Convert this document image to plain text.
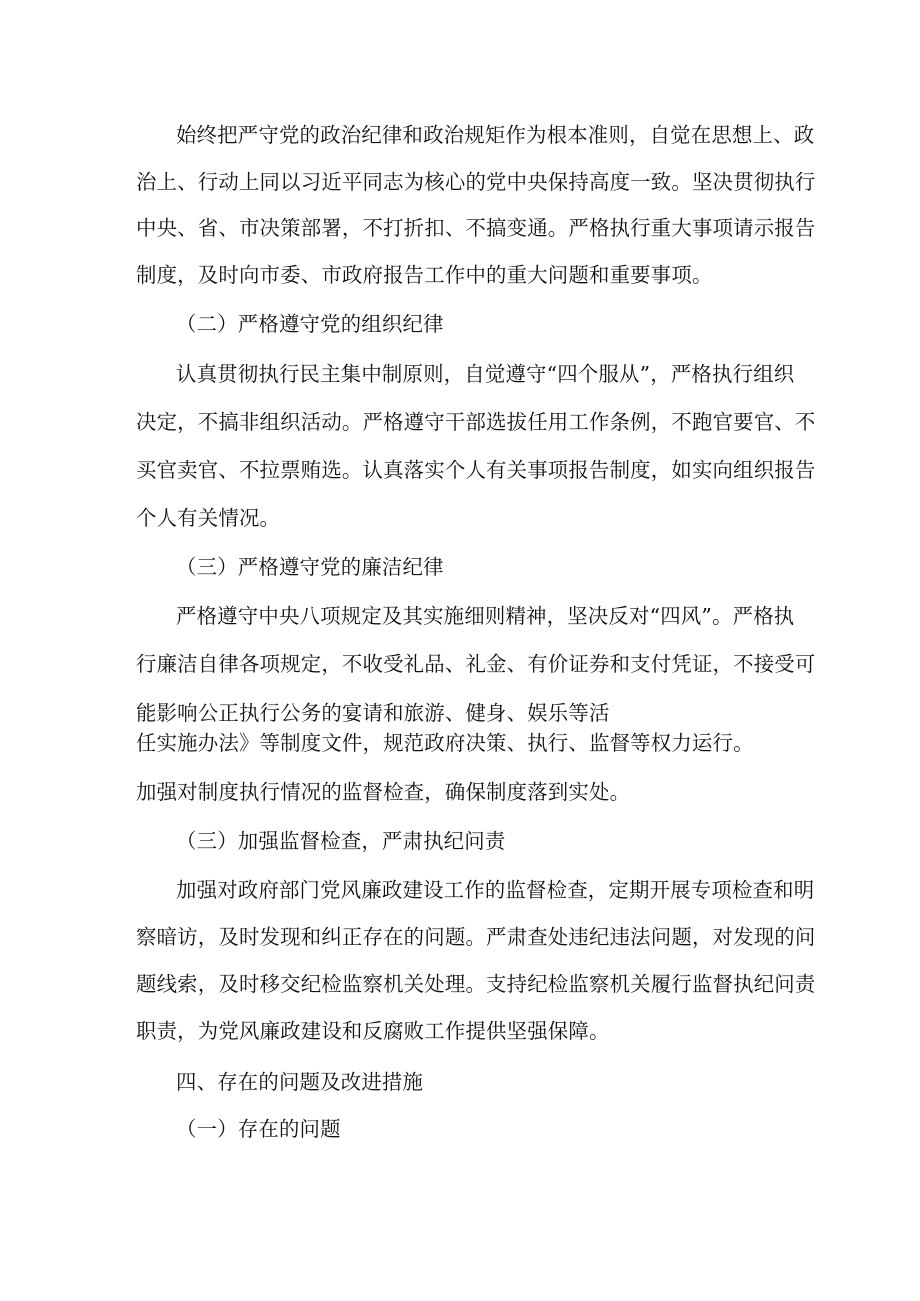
始终把严守党的政治纪律和政治规矩作为根本准则，自觉在思想上、政
治上、行动上同以习近平同志为核心的党中央保持高度一致。坚决贯彻执行
中央、省、市决策部署，不打折扣、不搞变通。严格执行重大事项请示报告
制度，及时向市委、市政府报告工作中的重大问题和重要事项。
（二）严格遵守党的组织纪律
认真贯彻执行民主集中制原则，自觉遵守“四个服从”，严格执行组织
决定，不搞非组织活动。严格遵守干部选拔任用工作条例，不跑官要官、不
买官卖官、不拉票贿选。认真落实个人有关事项报告制度，如实向组织报告
个人有关情况。
（三）严格遵守党的廉洁纪律
严格遵守中央八项规定及其实施细则精神，坚决反对“四风”。严格执
行廉洁自律各项规定，不收受礼品、礼金、有价证券和支付凭证，不接受可
能影响公正执行公务的宴请和旅游、健身、娱乐等活
任实施办法》等制度文件，规范政府决策、执行、监督等权力运行。
加强对制度执行情况的监督检查，确保制度落到实处。
（三）加强监督检查，严肃执纪问责
加强对政府部门党风廉政建设工作的监督检查，定期开展专项检查和明
察暗访，及时发现和纠正存在的问题。严肃查处违纪违法问题，对发现的问
题线索，及时移交纪检监察机关处理。支持纪检监察机关履行监督执纪问责
职责，为党风廉政建设和反腐败工作提供坚强保障。
四、存在的问题及改进措施
（一）存在的问题
